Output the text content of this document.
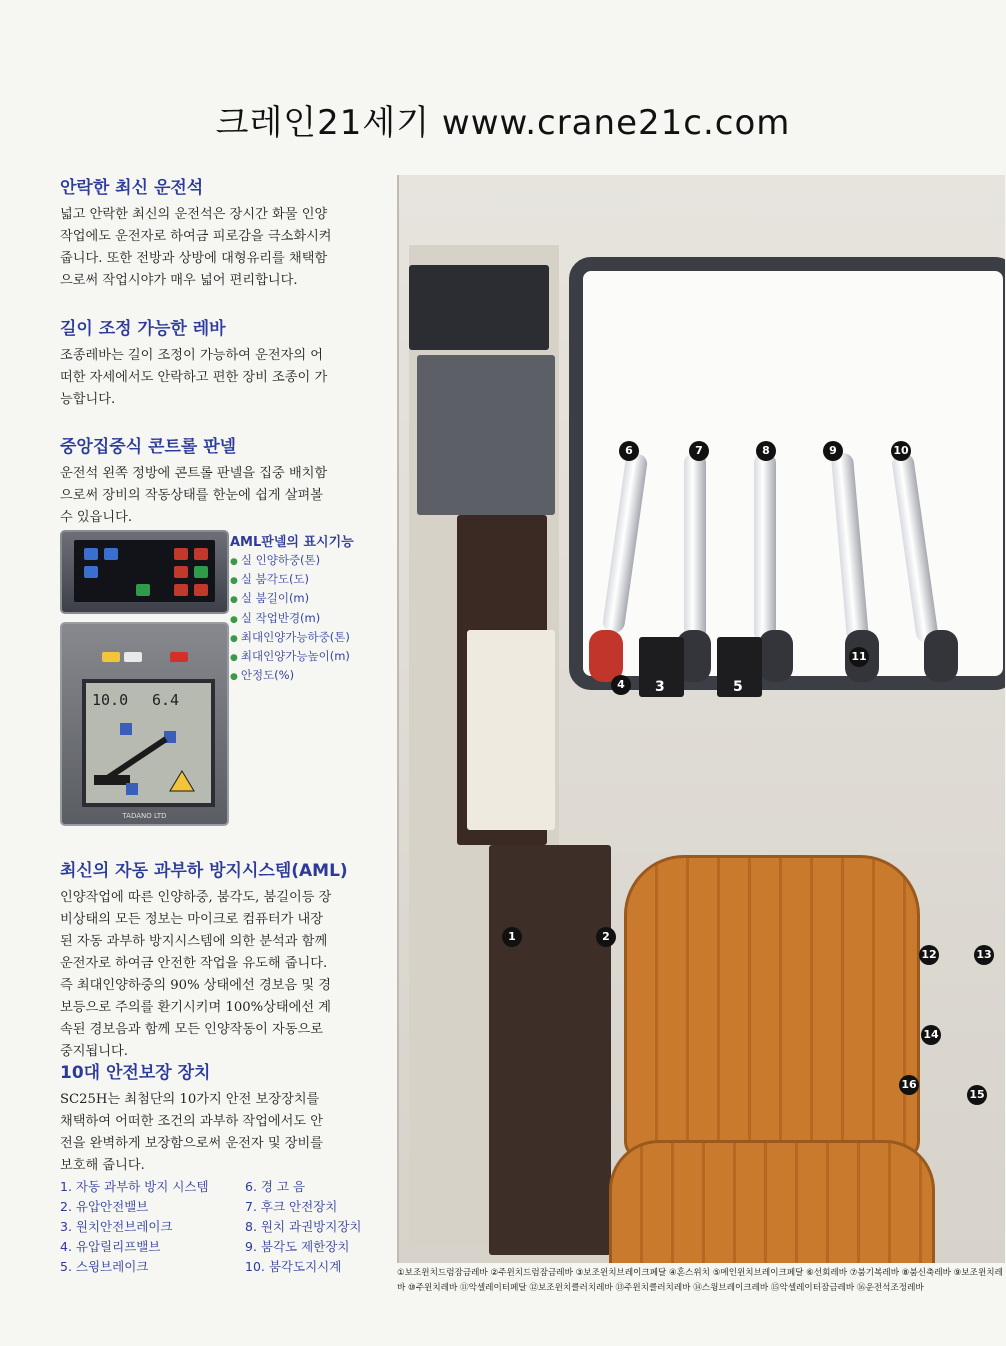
크레인21세기 www.crane21c.com
안락한 최신 운전석

넓고 안락한 최신의 운전석은 장시간 화물 인양
작업에도 운전자로 하여금 피로감을 극소화시켜
줍니다. 또한 전방과 상방에 대형유리를 채택함
으로써 작업시야가 매우 넓어 편리합니다.

길이 조정 가능한 레바

조종레바는 길이 조정이 가능하여 운전자의 어
떠한 자세에서도 안락하고 편한 장비 조종이 가
능합니다.

중앙집중식 콘트롤 판넬

운전석 왼쪽 정방에 콘트롤 판넬을 집중 배치함
으로써 장비의 작동상태를 한눈에 쉽게 살펴볼
수 있읍니다.

10.0 6.4
TADANO LTD
AML판넬의 표시기능
● 실 인양하중(톤)
● 실 붐각도(도)
● 실 붐길이(m)
● 실 작업반경(m)
● 최대인양가능하중(톤)
● 최대인양가능높이(m)
● 안정도(%)
최신의 자동 과부하 방지시스템(AML)

인양작업에 따른 인양하중, 붐각도, 붐길이등 장
비상태의 모든 정보는 마이크로 컴퓨터가 내장
된 자동 과부하 방지시스템에 의한 분석과 함께
운전자로 하여금 안전한 작업을 유도해 줍니다.
즉 최대인양하중의 90% 상태에선 경보음 및 경
보등으로 주의를 환기시키며 100%상태에선 계
속된 경보음과 함께 모든 인양작동이 자동으로
중지됩니다.

10대 안전보장 장치

SC25H는 최첨단의 10가지 안전 보장장치를
채택하여 어떠한 조건의 과부하 작업에서도 안
전을 완벽하게 보장함으로써 운전자 및 장비를
보호해 줍니다.

1. 자동 과부하 방지 시스템	6. 경 고 음
2. 유압안전밸브	7. 후크 안전장치
3. 원치안전브레이크	8. 원치 과권방지장치
4. 유압릴리프밸브	9. 붐각도 제한장치
5. 스윙브레이크	10. 붐각도지시계
6	7	8	9	10
4	3	5
11
1	2
12	13
14
15
16
①보조윈치드럼잠금레바 ②주윈치드럼잠금레바 ③보조윈치브레이크페달 ④혼스위치 ⑤메인윈치브레이크페달 ⑥선회레바 ⑦붐기복레바 ⑧붐신축레바 ⑨보조윈치레바 ⑩주윈치레바 ⑪악셀레이터페달 ⑫보조윈치클러치레바 ⑬주윈치클러치레바 ⑭스윙브레이크레바 ⑮악셀레이터잠금레바 ⑯운전석조정레바
